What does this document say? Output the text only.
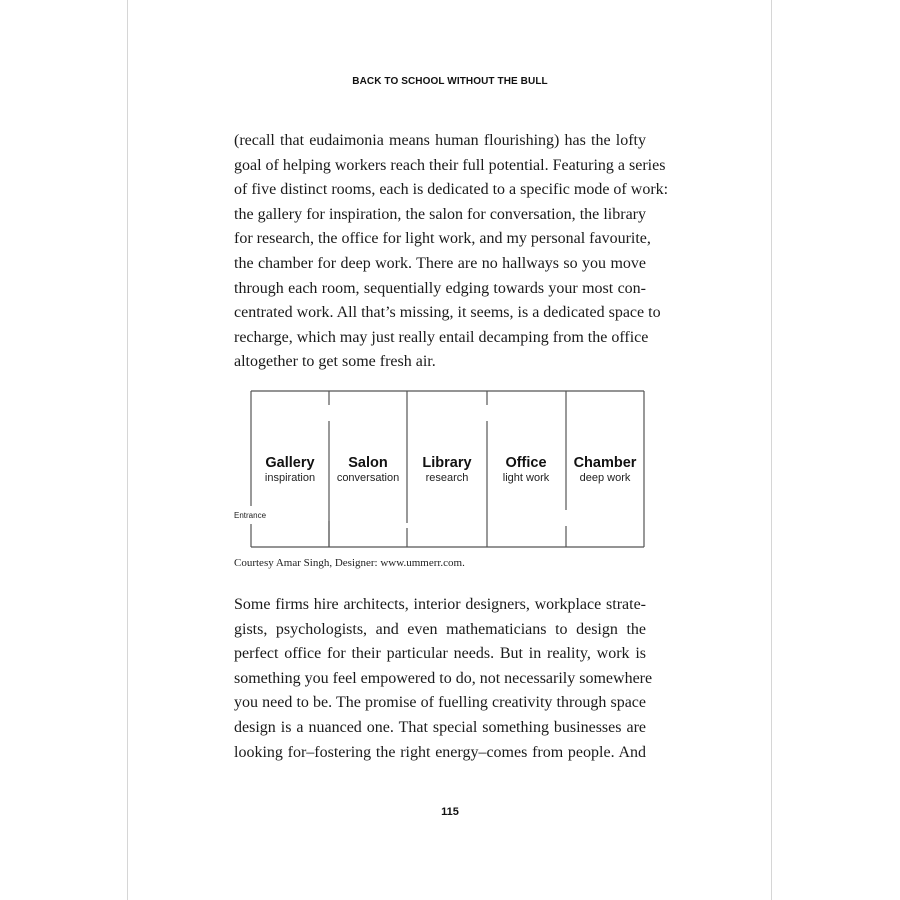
BACK TO SCHOOL WITHOUT THE BULL
(recall that eudaimonia means human flourishing) has the lofty
goal of helping workers reach their full potential. Featuring a series
of five distinct rooms, each is dedicated to a specific mode of work:
the gallery for inspiration, the salon for conversation, the library
for research, the office for light work, and my personal favourite,
the chamber for deep work. There are no hallways so you move
through each room, sequentially edging towards your most con-
centrated work. All that’s missing, it seems, is a dedicated space to
recharge, which may just really entail decamping from the office
altogether to get some fresh air.
Gallery
inspiration
Salon
conversation
Library
research
Office
light work
Chamber
deep work
Entrance
Courtesy Amar Singh, Designer: www.ummerr.com.
Some firms hire architects, interior designers, workplace strate-
gists, psychologists, and even mathematicians to design the
perfect office for their particular needs. But in reality, work is
something you feel empowered to do, not necessarily somewhere
you need to be. The promise of fuelling creativity through space
design is a nuanced one. That special something businesses are
looking for–fostering the right energy–comes from people. And
115
